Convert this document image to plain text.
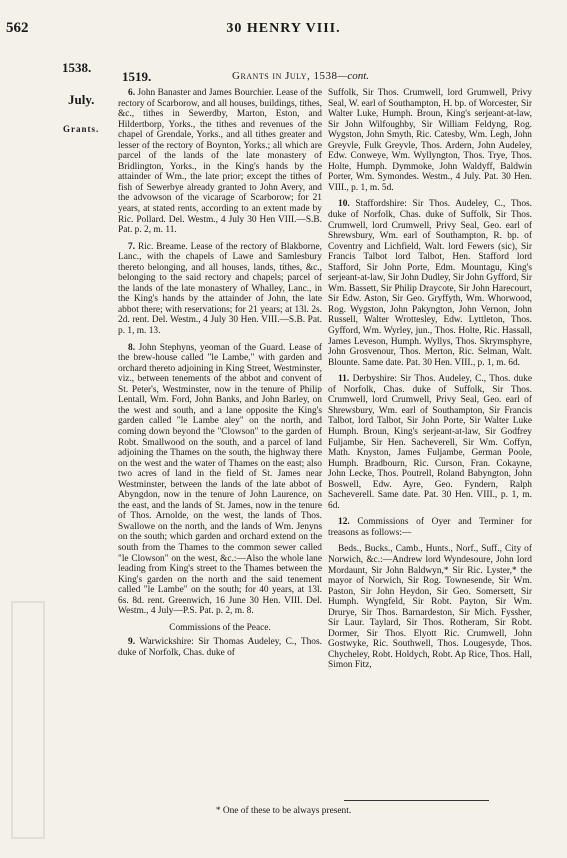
562	30 HENRY VIII.
1538.
1519.
July.
Grants.
Grants in July, 1538—cont.

6. John Banaster and James Bourchier. Lease of the rectory of Scarborow, and all houses, buildings, tithes, &c., tithes in Sewerdby, Marton, Eston, and Hildertborp, Yorks., the tithes and revenues of the chapel of Grendale, Yorks., and all tithes greater and lesser of the rectory of Boynton, Yorks.; all which are parcel of the lands of the late monastery of Bridlington, Yorks., in the King's hands by the attainder of Wm., the late prior; except the tithes of fish of Sewerbye already granted to John Avery, and the advowson of the vicarage of Scarborow; for 21 years, at stated rents, according to an extent made by Ric. Pollard. Del. Westm., 4 July 30 Hen VIII.—S.B. Pat. p. 2, m. 11.

7. Ric. Breame. Lease of the rectory of Blakborne, Lanc., with the chapels of Lawe and Samlesbury thereto belonging, and all houses, lands, tithes, &c., belonging to the said rectory and chapels; parcel of the lands of the late monastery of Whalley, Lanc., in the King's hands by the attainder of John, the late abbot there; with reservations; for 21 years; at 13l. 2s. 2d. rent. Del. Westm., 4 July 30 Hen. VIII.—S.B. Pat. p. 1, m. 13.

8. John Stephyns, yeoman of the Guard. Lease of the brew-house called "le Lambe," with garden and orchard thereto adjoining in King Street, Westminster, viz., between tenements of the abbot and convent of St. Peter's, Westminster, now in the tenure of Philip Lentall, Wm. Ford, John Banks, and John Barley, on the west and south, and a lane opposite the King's garden called "le Lambe aley" on the north, and coming down beyond the "Clowson" to the garden of Robt. Smallwood on the south, and a parcel of land adjoining the Thames on the south, the highway there on the west and the water of Thames on the east; also two acres of land in the field of St. James near Westminster, between the lands of the late abbot of Abyngdon, now in the tenure of John Laurence, on the east, and the lands of St. James, now in the tenure of Thos. Arnolde, on the west, the lands of Thos. Swallowe on the north, and the lands of Wm. Jenyns on the south; which garden and orchard extend on the south from the Thames to the common sewer called "le Clowson" on the west, &c.:—Also the whole lane leading from King's street to the Thames between the King's garden on the north and the said tenement called "le Lambe" on the south; for 40 years, at 13l. 6s. 8d. rent. Greenwich, 16 June 30 Hen. VIII. Del. Westm., 4 July—P.S. Pat. p. 2, m. 8.

Commissions of the Peace.

9. Warwickshire: Sir Thomas Audeley, C., Thos. duke of Norfolk, Chas. duke of

Suffolk, Sir Thos. Crumwell, lord Grumwell, Privy Seal, W. earl of Southampton, H. bp. of Worcester, Sir Walter Luke, Humph. Broun, King's serjeant-at-law, Sir John Wilfoughby, Sir William Feldyng, Rog. Wygston, John Smyth, Ric. Catesby, Wm. Legh, John Greyvle, Fulk Greyvle, Thos. Ardern, John Audeley, Edw. Conweye, Wm. Wyllyngton, Thos. Trye, Thos. Holte, Humph. Dymmoke, John Waldyff, Baldwin Porter, Wm. Symondes. Westm., 4 July. Pat. 30 Hen. VIII., p. 1, m. 5d.

10. Staffordshire: Sir Thos. Audeley, C., Thos. duke of Norfolk, Chas. duke of Suffolk, Sir Thos. Crumwell, lord Crumwell, Privy Seal, Geo. earl of Shrewsbury, Wm. earl of Southampton, R. bp. of Coventry and Lichfield, Walt. lord Fewers (sic), Sir Francis Talbot lord Talbot, Hen. Stafford lord Stafford, Sir John Porte, Edm. Mountagu, King's serjeant-at-law, Sir John Dudley, Sir John Gyfford, Sir Wm. Bassett, Sir Philip Draycote, Sir John Harecourt, Sir Edw. Aston, Sir Geo. Gryffyth, Wm. Whorwood, Rog. Wygston, John Pakyngton, John Vernon, John Russell, Walter Wrottesley, Edw. Lyttleton, Thos. Gyfford, Wm. Wyrley, jun., Thos. Holte, Ric. Hassall, James Leveson, Humph. Wyllys, Thos. Skrymsphyre, John Grosvenour, Thos. Merton, Ric. Selman, Walt. Blounte. Same date. Pat. 30 Hen. VIII., p. 1, m. 6d.

11. Derbyshire: Sir Thos. Audeley, C., Thos. duke of Norfolk, Chas. duke of Suffolk, Sir Thos. Crumwell, lord Crumwell, Privy Seal, Geo. earl of Shrewsbury, Wm. earl of Southampton, Sir Francis Talbot, lord Talbot, Sir John Porte, Sir Walter Luke Humph. Broun, King's serjeant-at-law, Sir Godfrey Fuljambe, Sir Hen. Sacheverell, Sir Wm. Coffyn, Math. Knyston, James Fuljambe, German Poole, Humph. Bradbourn, Ric. Curson, Fran. Cokayne, John Lecke, Thos. Poutrell, Roland Babyngton, John Boswell, Edw. Ayre, Geo. Fyndern, Ralph Sacheverell. Same date. Pat. 30 Hen. VIII., p. 1, m. 6d.

12. Commissions of Oyer and Terminer for treasons as follows:—

Beds., Bucks., Camb., Hunts., Norf., Suff., City of Norwich, &c.:—Andrew lord Wyndesoure, John lord Mordaunt, Sir John Baldwyn,* Sir Ric. Lyster,* the mayor of Norwich, Sir Rog. Townesende, Sir Wm. Paston, Sir John Heydon, Sir Geo. Somersett, Sir Humph. Wyngfeld, Sir Robt. Payton, Sir Wm. Drurye, Sir Thos. Barnardeston, Sir Mich. Fyssher, Sir Laur. Taylard, Sir Thos. Rotheram, Sir Robt. Dormer, Sir Thos. Elyott Ric. Crumwell, John Gostwyke, Ric. Southwell, Thos. Lougesyde, Thos. Chycheley, Robt. Holdych, Robt. Ap Rice, Thos. Hall, Simon Fitz,

* One of these to be always present.
